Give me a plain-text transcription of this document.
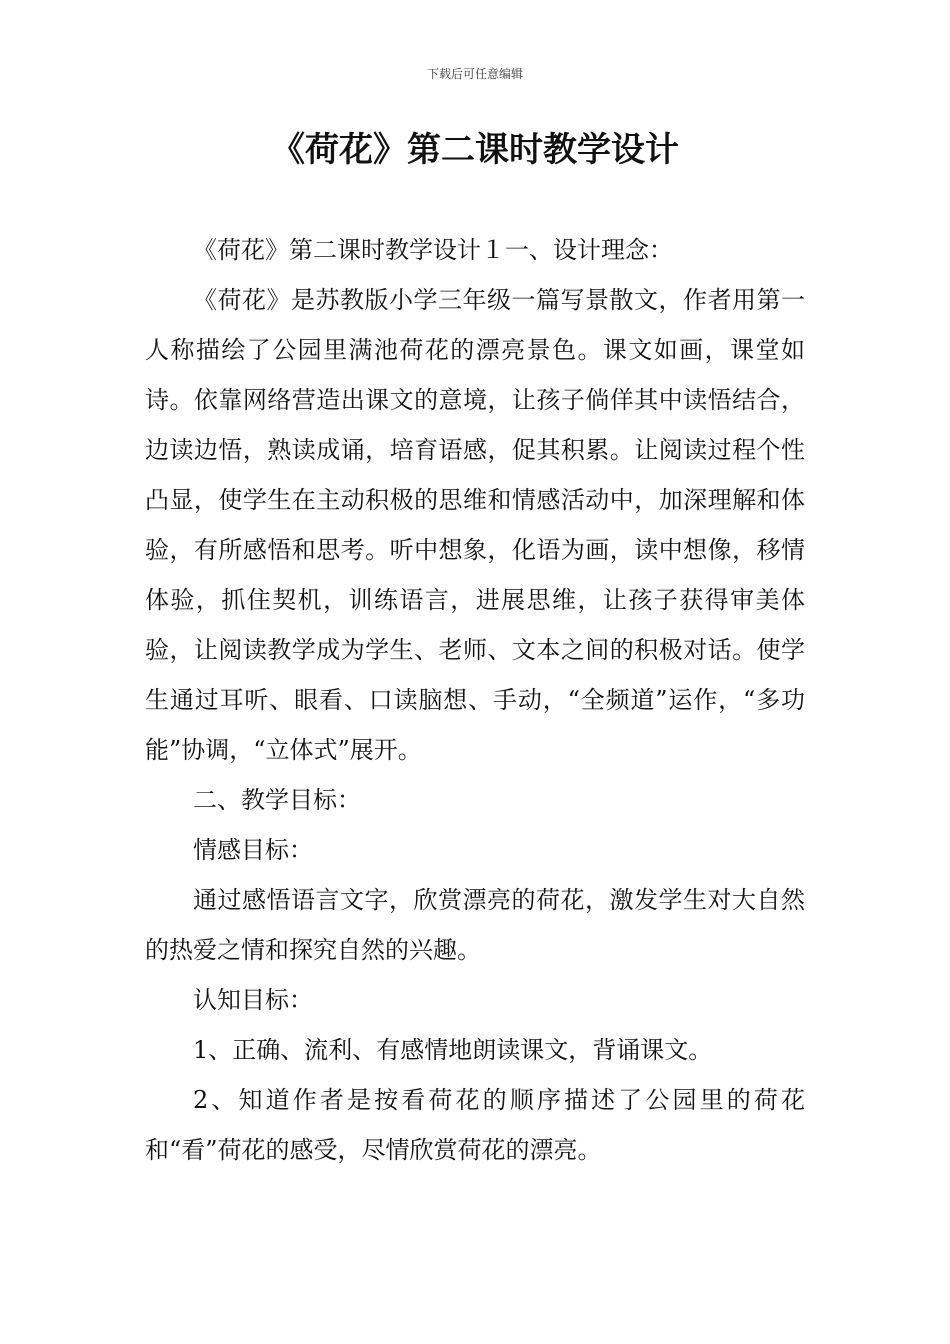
下载后可任意编辑
《荷花》第二课时教学设计

《荷花》第二课时教学设计１一、设计理念：

《荷花》是苏教版小学三年级一篇写景散文，作者用第一人称描绘了公园里满池荷花的漂亮景色。课文如画，课堂如诗。依靠网络营造出课文的意境，让孩子倘佯其中读悟结合，边读边悟，熟读成诵，培育语感，促其积累。让阅读过程个性凸显，使学生在主动积极的思维和情感活动中，加深理解和体验，有所感悟和思考。听中想象，化语为画，读中想像，移情体验，抓住契机，训练语言，进展思维，让孩子获得审美体验，让阅读教学成为学生、老师、文本之间的积极对话。使学生通过耳听、眼看、口读脑想、手动，“全频道”运作，“多功能”协调，“立体式”展开。

二、教学目标：

情感目标：

通过感悟语言文字，欣赏漂亮的荷花，激发学生对大自然的热爱之情和探究自然的兴趣。

认知目标：

1、正确、流利、有感情地朗读课文，背诵课文。

2、知道作者是按看荷花的顺序描述了公园里的荷花和“看”荷花的感受，尽情欣赏荷花的漂亮。
